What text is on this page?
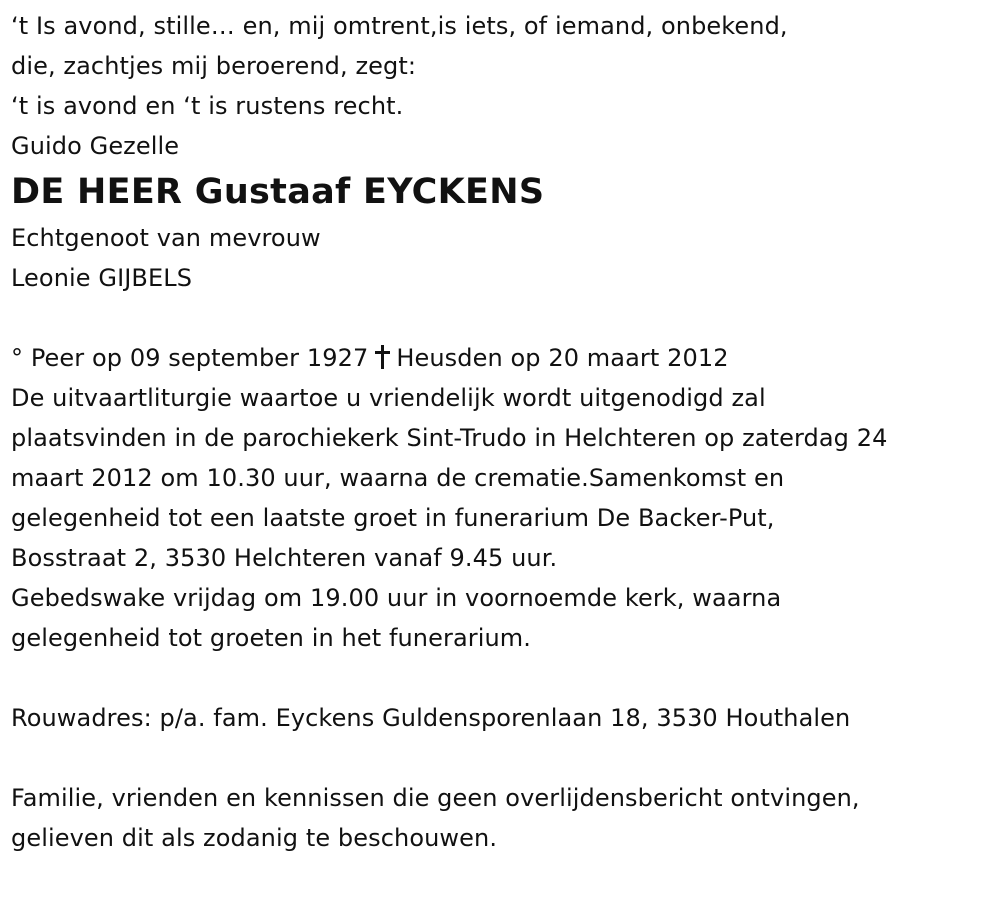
‘t Is avond, stille… en, mij omtrent,is iets, of iemand, onbekend,
die, zachtjes mij beroerend, zegt:
‘t is avond en ‘t is rustens recht.
Guido Gezelle
DE HEER Gustaaf EYCKENS
Echtgenoot van mevrouw
Leonie GIJBELS
° Peer op 09 september 1927 Heusden op 20 maart 2012
De uitvaartliturgie waartoe u vriendelijk wordt uitgenodigd zal
plaatsvinden in de parochiekerk Sint-Trudo in Helchteren op zaterdag 24
maart 2012 om 10.30 uur, waarna de crematie.Samenkomst en
gelegenheid tot een laatste groet in funerarium De Backer-Put,
Bosstraat 2, 3530 Helchteren vanaf 9.45 uur.
Gebedswake vrijdag om 19.00 uur in voornoemde kerk, waarna
gelegenheid tot groeten in het funerarium.
Rouwadres: p/a. fam. Eyckens Guldensporenlaan 18, 3530 Houthalen
Familie, vrienden en kennissen die geen overlijdensbericht ontvingen,
gelieven dit als zodanig te beschouwen.
